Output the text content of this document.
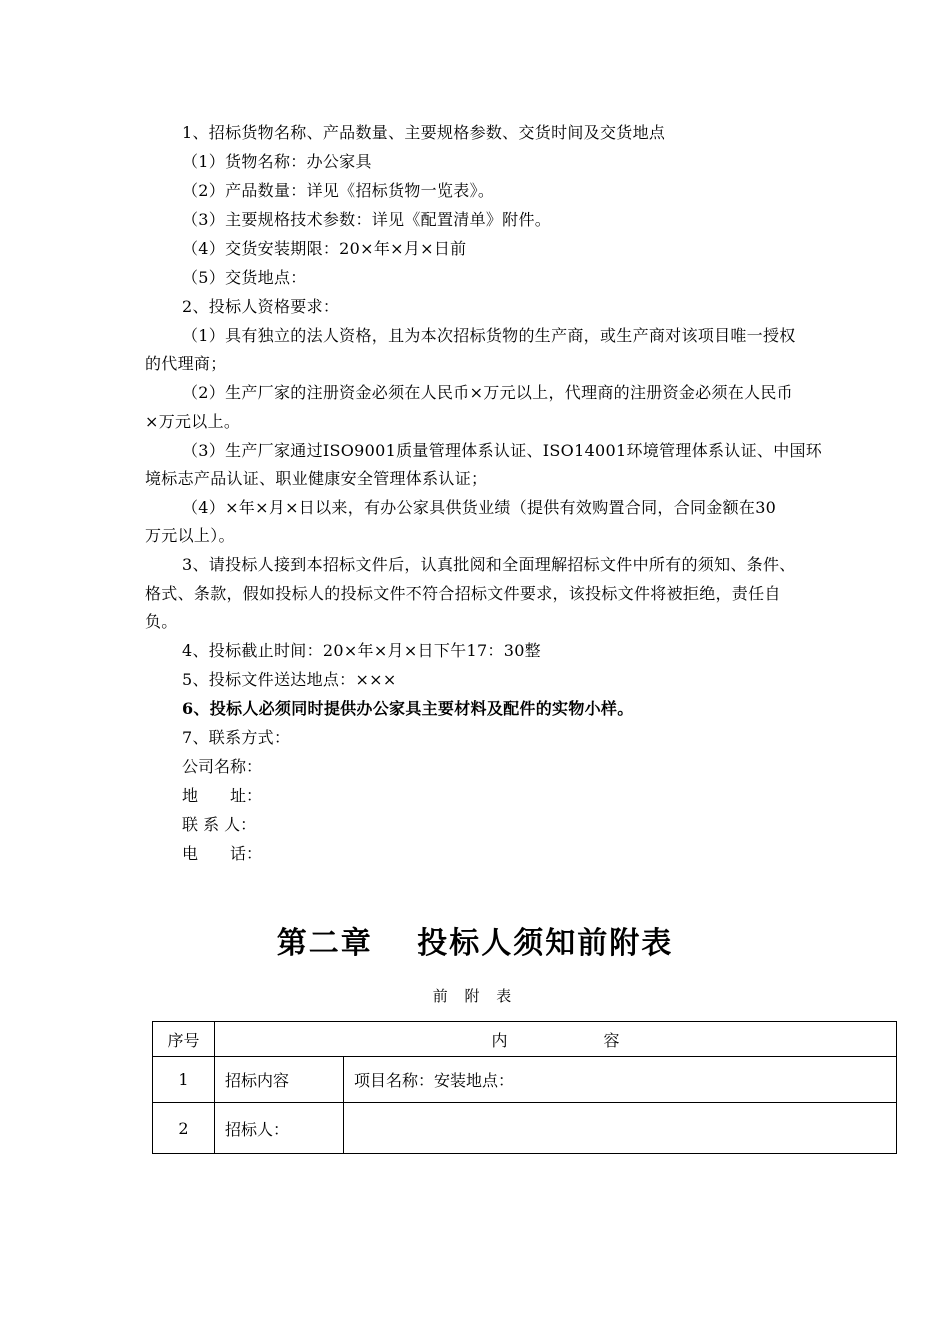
1、招标货物名称、产品数量、主要规格参数、交货时间及交货地点
（1）货物名称：办公家具
（2）产品数量：详见《招标货物一览表》。
（3）主要规格技术参数：详见《配置清单》附件。
（4）交货安装期限：20×年×月×日前
（5）交货地点：
2、投标人资格要求：
（1）具有独立的法人资格，且为本次招标货物的生产商，或生产商对该项目唯一授权
的代理商；
（2）生产厂家的注册资金必须在人民币×万元以上，代理商的注册资金必须在人民币
×万元以上。
（3）生产厂家通过ISO9001质量管理体系认证、ISO14001环境管理体系认证、中国环
境标志产品认证、职业健康安全管理体系认证；
（4）×年×月×日以来，有办公家具供货业绩（提供有效购置合同，合同金额在30
万元以上）。
3、请投标人接到本招标文件后，认真批阅和全面理解招标文件中所有的须知、条件、
格式、条款，假如投标人的投标文件不符合招标文件要求，该投标文件将被拒绝，责任自
负。
4、投标截止时间：20×年×月×日下午17：30整
5、投标文件送达地点：×××
6、投标人必须同时提供办公家具主要材料及配件的实物小样。
7、联系方式：
公司名称：
地　　址：
联 系 人：
电　　话：
第二章　 投标人须知前附表
前 附 表
序号	内　　　　　　容	
1	招标内容	项目名称：安装地点：
2	招标人：	
